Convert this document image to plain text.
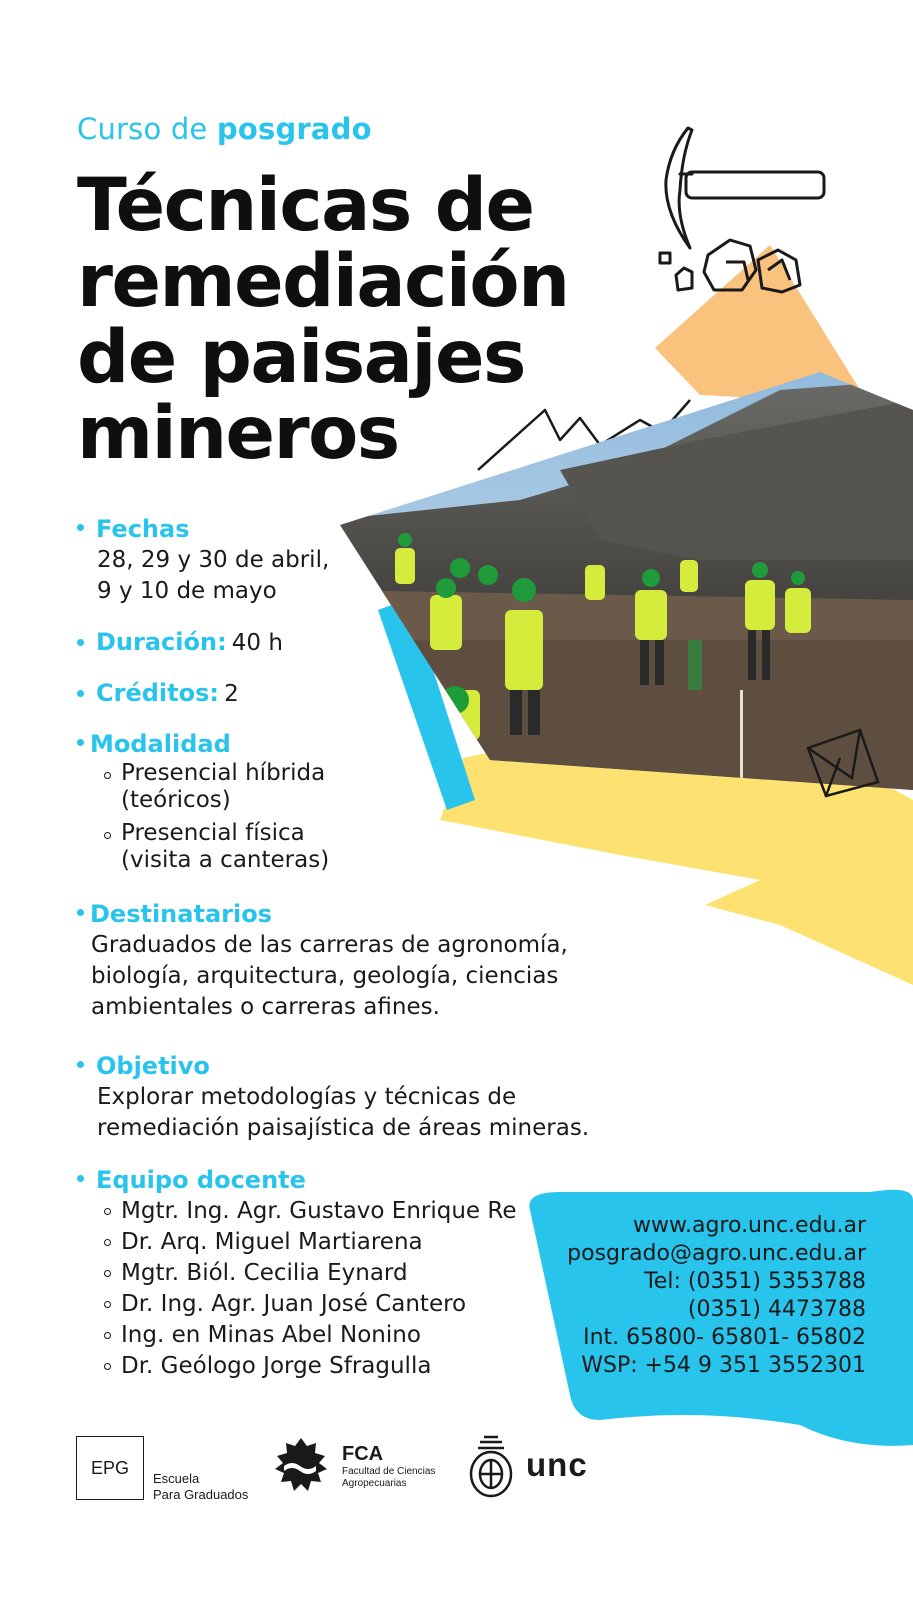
Curso de posgrado
Técnicas de
remediación
de paisajes
mineros
Fechas
28, 29 y 30 de abril,
9 y 10 de mayo
Duración: 40 h
Créditos: 2
Modalidad
Presencial híbrida
(teóricos)
Presencial física
(visita a canteras)
Destinatarios
Graduados de las carreras de agronomía,
biología, arquitectura, geología, ciencias
ambientales o carreras afines.
Objetivo
Explorar metodologías y técnicas de
remediación paisajística de áreas mineras.
Equipo docente
Mgtr. Ing. Agr. Gustavo Enrique Re
Dr. Arq. Miguel Martiarena
Mgtr. Biól. Cecilia Eynard
Dr. Ing. Agr. Juan José Cantero
Ing. en Minas Abel Nonino
Dr. Geólogo Jorge Sfragulla
www.agro.unc.edu.ar
posgrado@agro.unc.edu.ar
Tel: (0351) 5353788
(0351) 4473788
Int. 65800- 65801- 65802
WSP: +54 9 351 3552301
EPG
Escuela
Para Graduados
FCA
Facultad de Ciencias
Agropecuarias
unc
